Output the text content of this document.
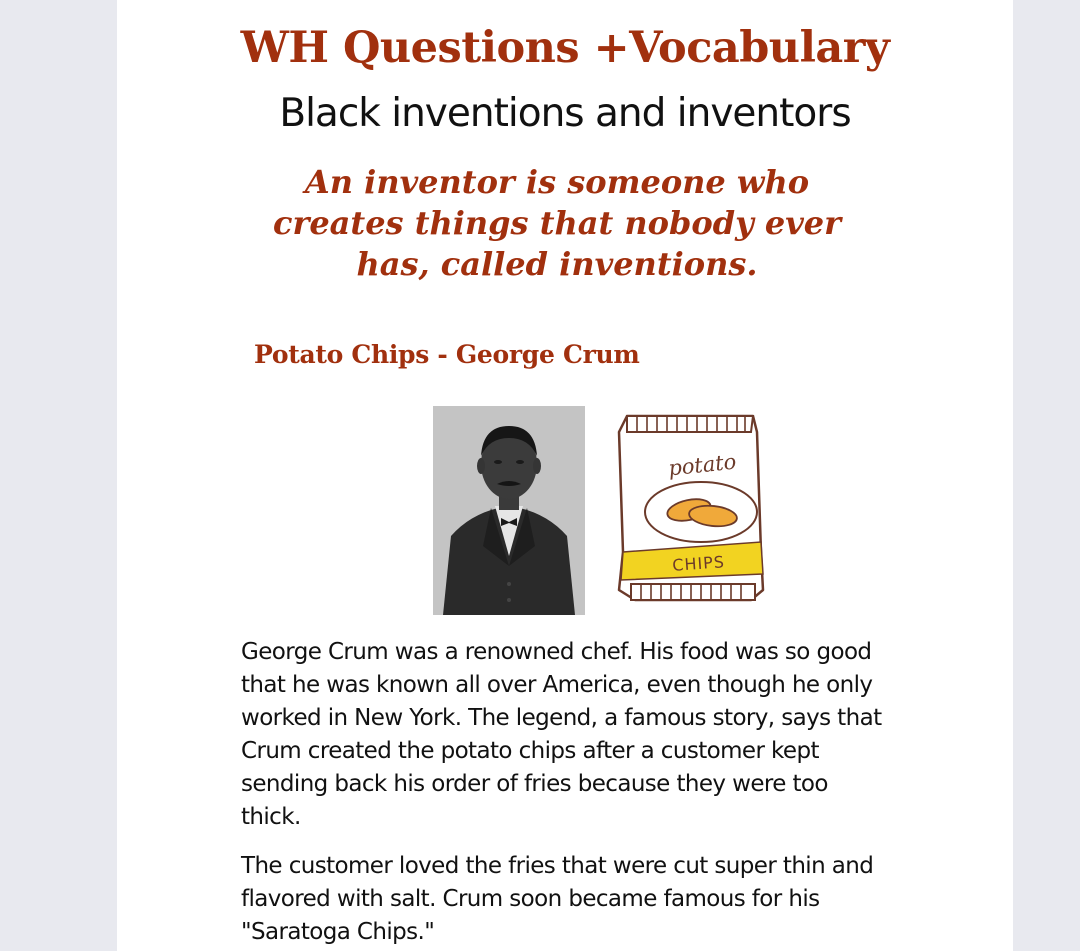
WH Questions +Vocabulary
Black inventions and inventors
An inventor is someone who creates things that nobody ever has, called inventions.
Potato Chips - George Crum
potato
CHIPS
George Crum was a renowned chef. His food was so good that he was known all over America, even though he only worked in New York. The legend, a famous story, says that Crum created the potato chips after a customer kept sending back his order of fries because they were too thick.
The customer loved the fries that were cut super thin and flavored with salt. Crum soon became famous for his "Saratoga Chips."
